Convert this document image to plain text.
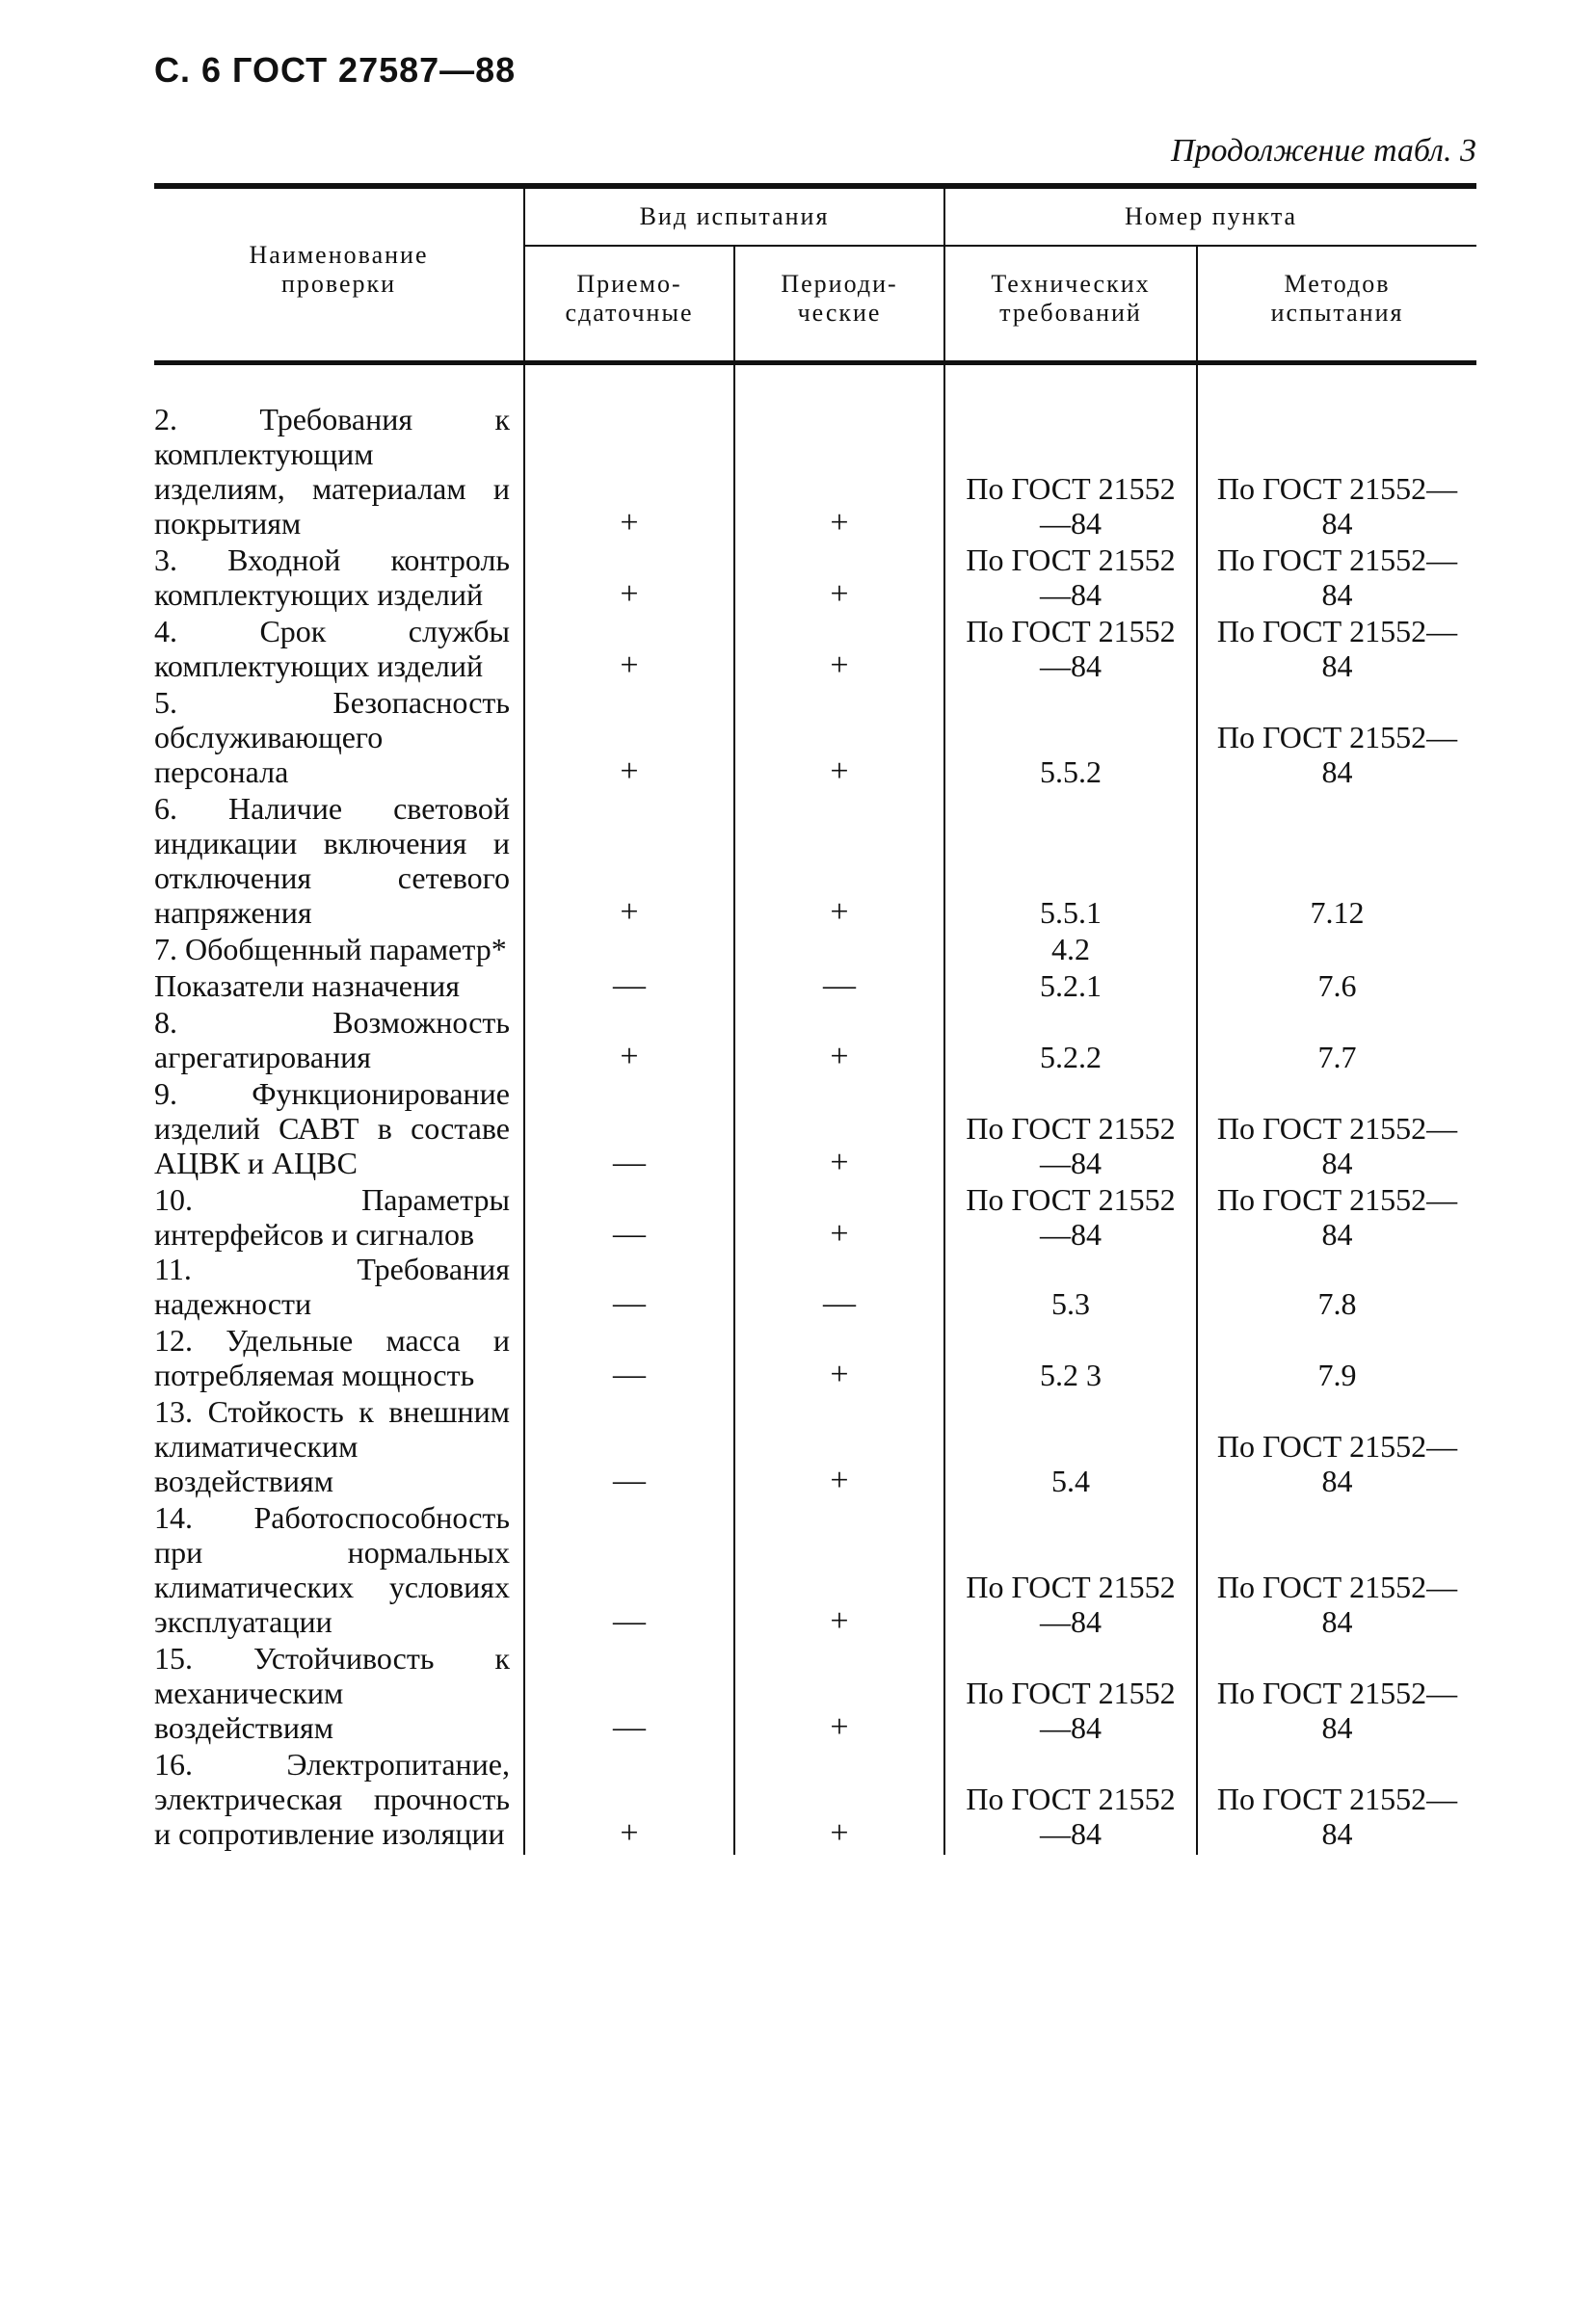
С. 6 ГОСТ 27587—88
Продолжение табл. 3
Наименование проверки	Вид испытания		Номер пункта	
	Приемо-сдаточные	Периоди-ческие	Технических требований	Методов испытания

2. Требования к комплектующим изделиям, материалам и покрытиям	+	+	По ГОСТ 21552—84	По ГОСТ 21552—84
3. Входной контроль комплектующих изделий	+	+	По ГОСТ 21552—84	По ГОСТ 21552—84
4. Срок службы комплектующих изделий	+	+	По ГОСТ 21552—84	По ГОСТ 21552—84
5. Безопасность обслуживающего персонала	+	+	5.5.2	По ГОСТ 21552—84
6. Наличие световой индикации включения и отключения сетевого напряжения	+	+	5.5.1	7.12
7. Обобщенный параметр*			4.2	
Показатели назначения	—	—	5.2.1	7.6
8. Возможность агрегатирования	+	+	5.2.2	7.7
9. Функционирование изделий САВТ в составе АЦВК и АЦВС	—	+	По ГОСТ 21552—84	По ГОСТ 21552—84
10. Параметры интерфейсов и сигналов	—	+	По ГОСТ 21552—84	По ГОСТ 21552—84
11. Требования надежности	—	—	5.3	7.8
12. Удельные масса и потребляемая мощность	—	+	5.2 3	7.9
13. Стойкость к внешним климатическим воздействиям	—	+	5.4	По ГОСТ 21552—84
14. Работоспособность при нормальных климатических условиях эксплуатации	—	+	По ГОСТ 21552—84	По ГОСТ 21552—84
15. Устойчивость к механическим воздействиям	—	+	По ГОСТ 21552—84	По ГОСТ 21552—84
16. Электропитание, электрическая прочность и сопротивление изоляции	+	+	По ГОСТ 21552—84	По ГОСТ 21552—84
